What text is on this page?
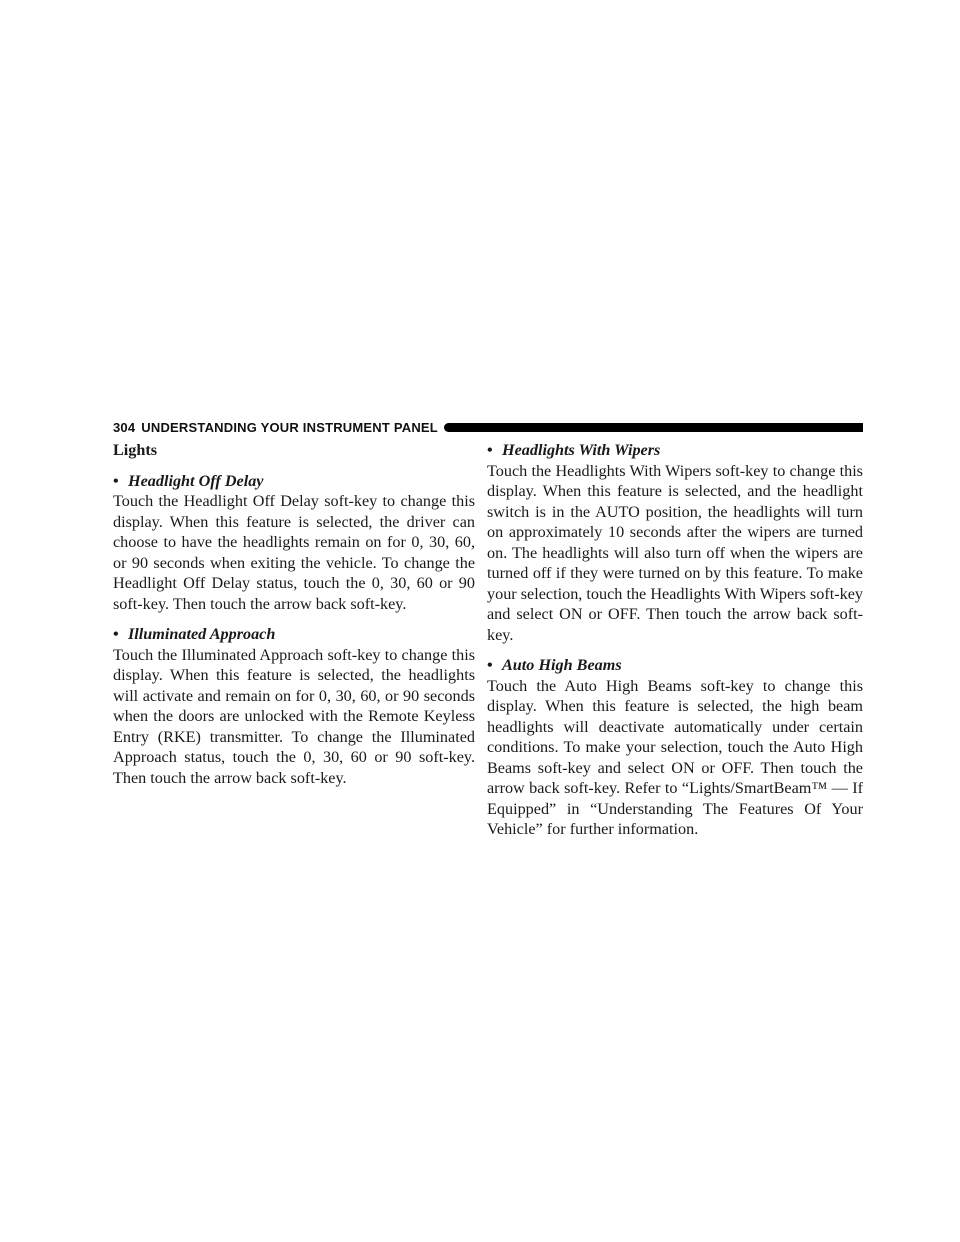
304 UNDERSTANDING YOUR INSTRUMENT PANEL

Lights

• Headlight Off Delay

Touch the Headlight Off Delay soft-key to change this display. When this feature is selected, the driver can choose to have the headlights remain on for 0, 30, 60, or 90 seconds when exiting the vehicle. To change the Headlight Off Delay status, touch the 0, 30, 60 or 90 soft-key. Then touch the arrow back soft-key.

• Illuminated Approach

Touch the Illuminated Approach soft-key to change this display. When this feature is selected, the headlights will activate and remain on for 0, 30, 60, or 90 seconds when the doors are unlocked with the Remote Keyless Entry (RKE) transmitter. To change the Illuminated Approach status, touch the 0, 30, 60 or 90 soft-key. Then touch the arrow back soft-key.

• Headlights With Wipers

Touch the Headlights With Wipers soft-key to change this display. When this feature is selected, and the headlight switch is in the AUTO position, the headlights will turn on approximately 10 seconds after the wipers are turned on. The headlights will also turn off when the wipers are turned off if they were turned on by this feature. To make your selection, touch the Headlights With Wipers soft-key and select ON or OFF. Then touch the arrow back soft-key.

• Auto High Beams

Touch the Auto High Beams soft-key to change this display. When this feature is selected, the high beam headlights will deactivate automatically under certain conditions. To make your selection, touch the Auto High Beams soft-key and select ON or OFF. Then touch the arrow back soft-key. Refer to “Lights/SmartBeam™ — If Equipped” in “Understanding The Features Of Your Vehicle” for further information.
